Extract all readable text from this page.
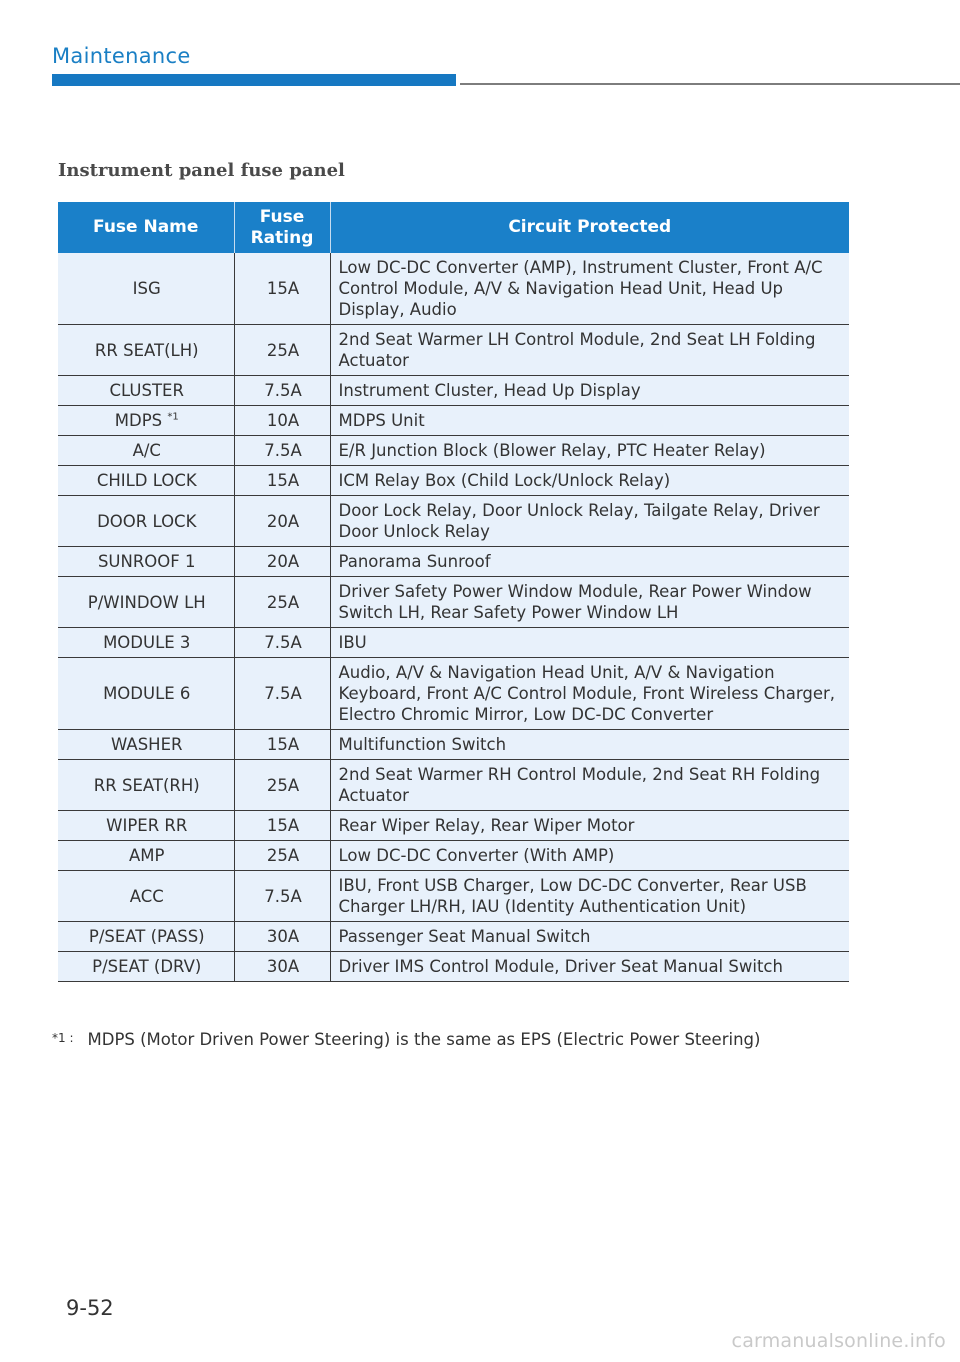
Maintenance
Instrument panel fuse panel
Fuse Name	Fuse Rating	Circuit Protected
ISG	15A	Low DC-DC Converter (AMP), Instrument Cluster, Front A/C Control Module, A/V & Navigation Head Unit, Head Up Display, Audio
RR SEAT(LH)	25A	2nd Seat Warmer LH Control Module, 2nd Seat LH Folding Actuator
CLUSTER	7.5A	Instrument Cluster, Head Up Display
MDPS $^{*1}$	10A	MDPS Unit
A/C	7.5A	E/R Junction Block (Blower Relay, PTC Heater Relay)
CHILD LOCK	15A	ICM Relay Box (Child Lock/Unlock Relay)
DOOR LOCK	20A	Door Lock Relay, Door Unlock Relay, Tailgate Relay, Driver Door Unlock Relay
SUNROOF 1	20A	Panorama Sunroof
P/WINDOW LH	25A	Driver Safety Power Window Module, Rear Power Window Switch LH, Rear Safety Power Window LH
MODULE 3	7.5A	IBU
MODULE 6	7.5A	Audio, A/V & Navigation Head Unit, A/V & Navigation Keyboard, Front A/C Control Module, Front Wireless Charger, Electro Chromic Mirror, Low DC-DC Converter
WASHER	15A	Multifunction Switch
RR SEAT(RH)	25A	2nd Seat Warmer RH Control Module, 2nd Seat RH Folding Actuator
WIPER RR	15A	Rear Wiper Relay, Rear Wiper Motor
AMP	25A	Low DC-DC Converter (With AMP)
ACC	7.5A	IBU, Front USB Charger, Low DC-DC Converter, Rear USB Charger LH/RH, IAU (Identity Authentication Unit)
P/SEAT (PASS)	30A	Passenger Seat Manual Switch
P/SEAT (DRV)	30A	Driver IMS Control Module, Driver Seat Manual Switch
*1 : MDPS (Motor Driven Power Steering) is the same as EPS (Electric Power Steering)
9-52
carmanualsonline.info
